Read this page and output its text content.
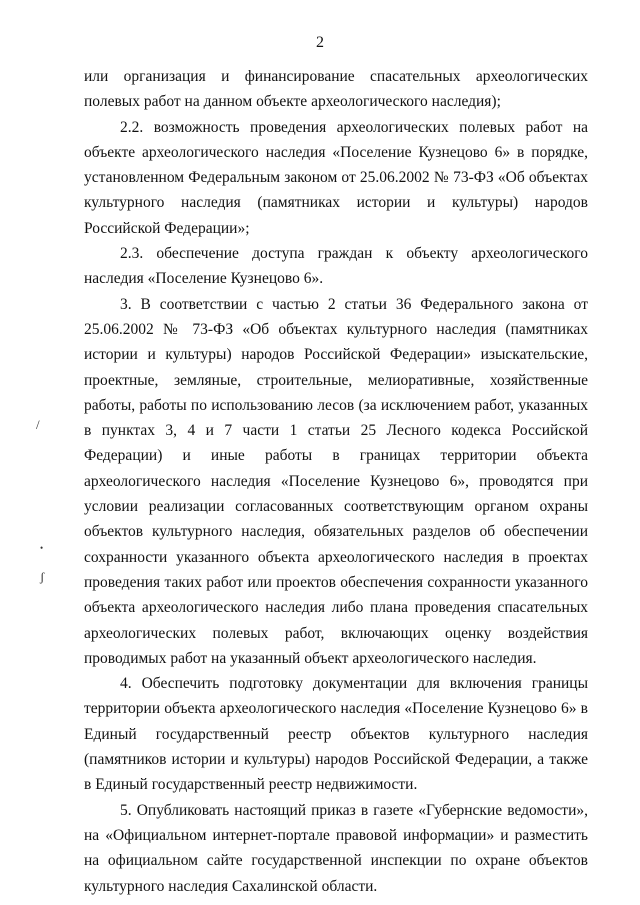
2

или организация и финансирование спасательных археологических полевых работ на данном объекте археологического наследия);

2.2. возможность проведения археологических полевых работ на объекте археологического наследия «Поселение Кузнецово 6» в порядке, установленном Федеральным законом от 25.06.2002 № 73-ФЗ «Об объектах культурного наследия (памятниках истории и культуры) народов Российской Федерации»;

2.3. обеспечение доступа граждан к объекту археологического наследия «Поселение Кузнецово 6».

3. В соответствии с частью 2 статьи 36 Федерального закона от 25.06.2002 № 73-ФЗ «Об объектах культурного наследия (памятниках истории и культуры) народов Российской Федерации» изыскательские, проектные, земляные, строительные, мелиоративные, хозяйственные работы, работы по использованию лесов (за исключением работ, указанных в пунктах 3, 4 и 7 части 1 статьи 25 Лесного кодекса Российской Федерации) и иные работы в границах территории объекта археологического наследия «Поселение Кузнецово 6», проводятся при условии реализации согласованных соответствующим органом охраны объектов культурного наследия, обязательных разделов об обеспечении сохранности указанного объекта археологического наследия в проектах проведения таких работ или проектов обеспечения сохранности указанного объекта археологического наследия либо плана проведения спасательных археологических полевых работ, включающих оценку воздействия проводимых работ на указанный объект археологического наследия.

4. Обеспечить подготовку документации для включения границы территории объекта археологического наследия «Поселение Кузнецово 6» в Единый государственный реестр объектов культурного наследия (памятников истории и культуры) народов Российской Федерации, а также в Единый государственный реестр недвижимости.

5. Опубликовать настоящий приказ в газете «Губернские ведомости», на «Официальном интернет-портале правовой информации» и разместить на официальном сайте государственной инспекции по охране объектов культурного наследия Сахалинской области.

/
•
ʃ
